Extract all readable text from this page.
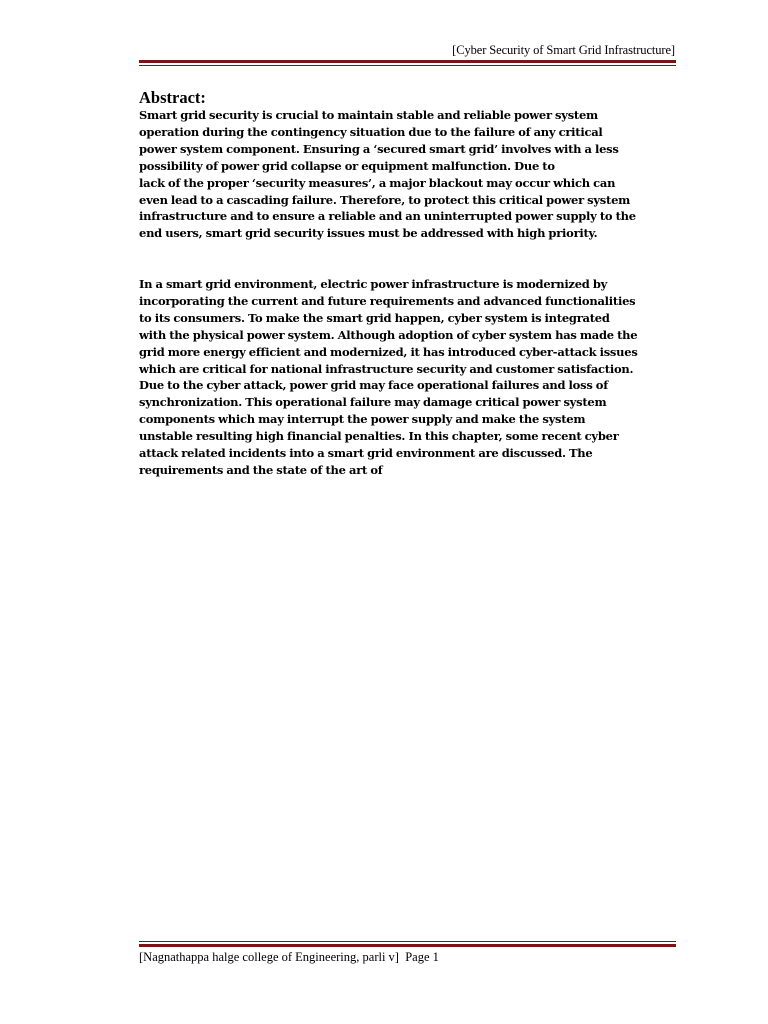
[Cyber Security of Smart Grid Infrastructure]
Abstract:

Smart grid security is crucial to maintain stable and reliable power system
operation during the contingency situation due to the failure of any critical
power system component. Ensuring a ‘secured smart grid’ involves with a less
possibility of power grid collapse or equipment malfunction. Due to
lack of the proper ‘security measures’, a major blackout may occur which can
even lead to a cascading failure. Therefore, to protect this critical power system
infrastructure and to ensure a reliable and an uninterrupted power supply to the
end users, smart grid security issues must be addressed with high priority.

In a smart grid environment, electric power infrastructure is modernized by
incorporating the current and future requirements and advanced functionalities
to its consumers. To make the smart grid happen, cyber system is integrated
with the physical power system. Although adoption of cyber system has made the
grid more energy efficient and modernized, it has introduced cyber-attack issues
which are critical for national infrastructure security and customer satisfaction.
Due to the cyber attack, power grid may face operational failures and loss of
synchronization. This operational failure may damage critical power system
components which may interrupt the power supply and make the system
unstable resulting high financial penalties. In this chapter, some recent cyber
attack related incidents into a smart grid environment are discussed. The
requirements and the state of the art of

[Nagnathappa halge college of Engineering, parli v]  Page 1
